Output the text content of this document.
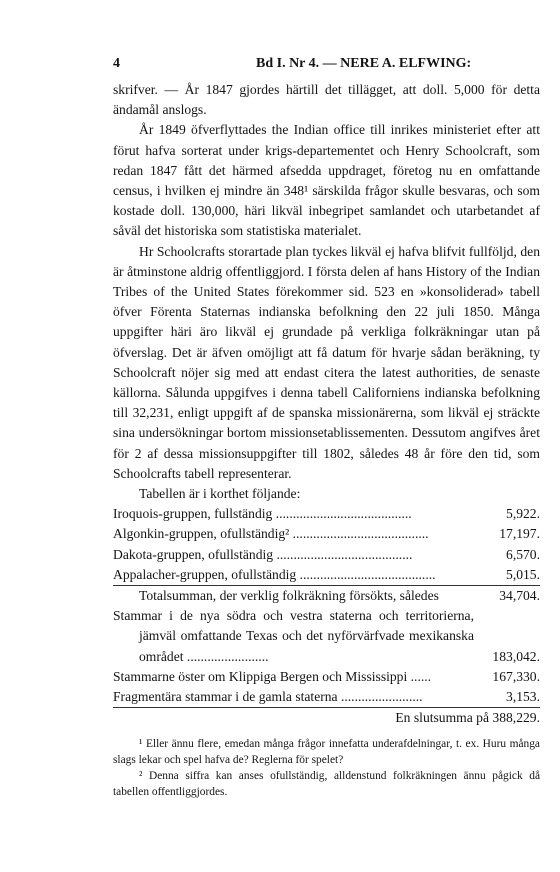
4	Bd I. Nr 4. — NERE A. ELFWING:

skrifver. — År 1847 gjordes härtill det tillägget, att doll. 5,000 för detta ändamål anslogs.

År 1849 öfverflyttades the Indian office till inrikes ministeriet efter att förut hafva sorterat under krigs-departementet och Henry Schoolcraft, som redan 1847 fått det härmed afsedda uppdraget, företog nu en omfattande census, i hvilken ej mindre än 348¹ särskilda frågor skulle besvaras, och som kostade doll. 130,000, häri likväl inbegripet samlandet och utarbetandet af såväl det historiska som statistiska materialet.

Hr Schoolcrafts storartade plan tyckes likväl ej hafva blifvit fullföljd, den är åtminstone aldrig offentliggjord. I första delen af hans History of the Indian Tribes of the United States förekommer sid. 523 en »konsoliderad» tabell öfver Förenta Staternas indianska befolkning den 22 juli 1850. Många uppgifter häri äro likväl ej grundade på verkliga folkräkningar utan på öfverslag. Det är äfven omöjligt att få datum för hvarje sådan beräkning, ty Schoolcraft nöjer sig med att endast citera the latest authorities, de senaste källorna. Sålunda uppgifves i denna tabell Californiens indianska befolkning till 32,231, enligt uppgift af de spanska missionärerna, som likväl ej sträckte sina undersökningar bortom missionsetablissementen. Dessutom angifves året för 2 af dessa missionsuppgifter till 1802, således 48 år före den tid, som Schoolcrafts tabell representerar.

Tabellen är i korthet följande:

Iroquois-gruppen, fullständig ........................................	5,922.
Algonkin-gruppen, ofullständig² ........................................	17,197.
Dakota-gruppen, ofullständig ........................................	6,570.
Appalacher-gruppen, ofullständig ........................................	5,015.
Totalsumman, der verklig folkräkning försökts, således	34,704.
Stammar i de nya södra och vestra staterna och territorierna, jämväl omfattande Texas och det nyförvärfvade mexikanska området ........................	183,042.
Stammarne öster om Klippiga Bergen och Mississippi ......	167,330.
Fragmentära stammar i de gamla staterna ........................	3,153.
En slutsumma på 388,229.

¹ Eller ännu flere, emedan många frågor innefatta underafdelningar, t. ex. Huru många slags lekar och spel hafva de? Reglerna för spelet?

² Denna siffra kan anses ofullständig, alldenstund folkräkningen ännu pågick då tabellen offentliggjordes.
